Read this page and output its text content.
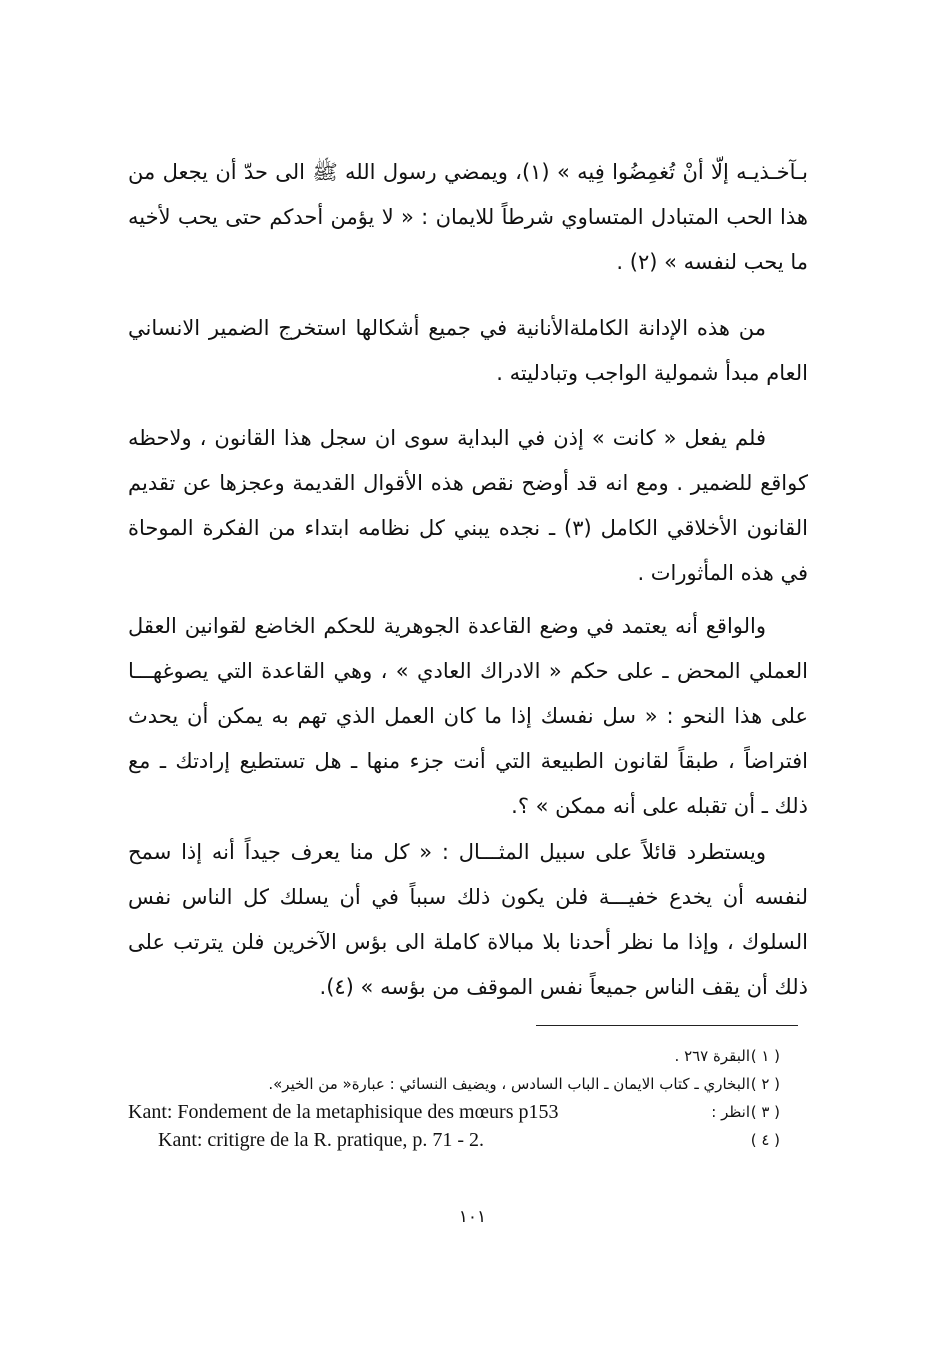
بـآخـذيـه إلّا أنْ تُغمِضُوا فِيه » (١)، ويمضي رسول الله ﷺ الى حدّ أن يجعل من هذا الحب المتبادل المتساوي شرطاً للايمان : « لا يؤمن أحدكم حتى يحب لأخيه ما يحب لنفسه » (٢) .

من هذه الإدانة الكاملةالأنانية في جميع أشكالها استخرج الضمير الانساني العام مبدأ شمولية الواجب وتبادليته .

فلم يفعل « كانت » إذن في البداية سوى ان سجل هذا القانون ، ولاحظه كواقع للضمير . ومع انه قد أوضح نقص هذه الأقوال القديمة وعجزها عن تقديم القانون الأخلاقي الكامل (٣) ـ نجده يبني كل نظامه ابتداء من الفكرة الموحاة في هذه المأثورات .

والواقع أنه يعتمد في وضع القاعدة الجوهرية للحكم الخاضع لقوانين العقل العملي المحض ـ على حكم « الادراك العادي » ، وهي القاعدة التي يصوغهـــا على هذا النحو : « سل نفسك إذا ما كان العمل الذي تهم به يمكن أن يحدث افتراضاً ، طبقاً لقانون الطبيعة التي أنت جزء منها ـ هل تستطيع إرادتك ـ مع ذلك ـ أن تقبله على أنه ممكن » ؟.

ويستطرد قائلاً على سبيل المثـــال : « كل منا يعرف جيداً أنه إذا سمح لنفسه أن يخدع خفيـــة فلن يكون ذلك سبباً في أن يسلك كل الناس نفس السلوك ، وإذا ما نظر أحدنا بلا مبالاة كاملة الى بؤس الآخرين فلن يترتب على ذلك أن يقف الناس جميعاً نفس الموقف من بؤسه » (٤).

( ١ )
البقرة ٢٦٧ .
( ٢ )
البخاري ـ كتاب الايمان ـ الباب السادس ، ويضيف النسائي : عبارة« من الخير».
( ٣ )
انظر :
Kant: Fondement de la metaphisique des mœurs p153
( ٤ )
Kant: critigre de la R. pratique, p. 71 - 2.
١٠١
